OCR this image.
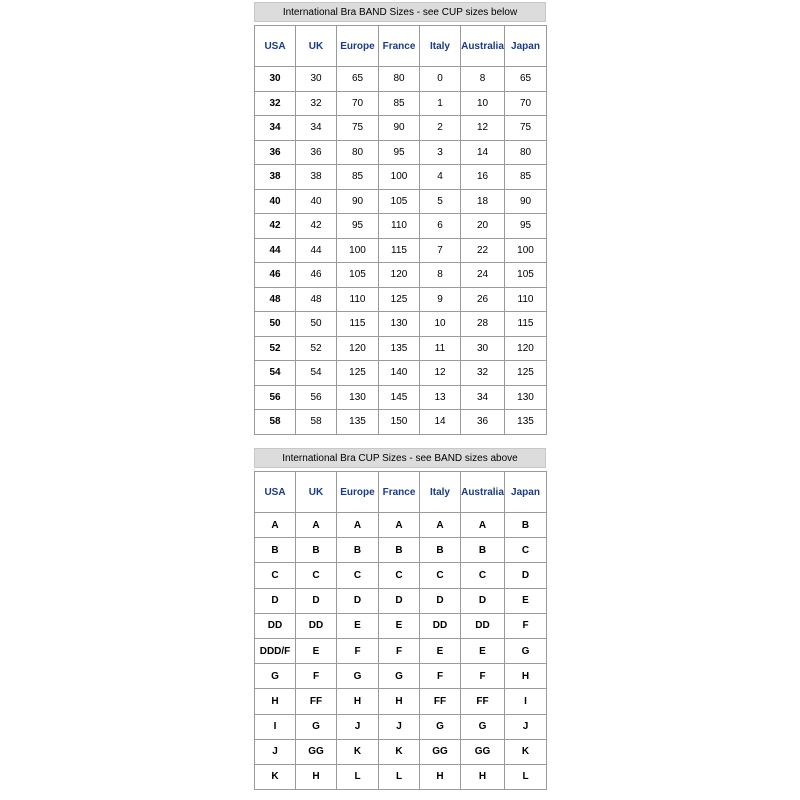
International Bra BAND Sizes - see CUP sizes below
USA	UK	Europe	France	Italy	Australia	Japan
30	30	65	80	0	8	65
32	32	70	85	1	10	70
34	34	75	90	2	12	75
36	36	80	95	3	14	80
38	38	85	100	4	16	85
40	40	90	105	5	18	90
42	42	95	110	6	20	95
44	44	100	115	7	22	100
46	46	105	120	8	24	105
48	48	110	125	9	26	110
50	50	115	130	10	28	115
52	52	120	135	11	30	120
54	54	125	140	12	32	125
56	56	130	145	13	34	130
58	58	135	150	14	36	135
International Bra CUP Sizes - see BAND sizes above
USA	UK	Europe	France	Italy	Australia	Japan
A	A	A	A	A	A	B
B	B	B	B	B	B	C
C	C	C	C	C	C	D
D	D	D	D	D	D	E
DD	DD	E	E	DD	DD	F
DDD/F	E	F	F	E	E	G
G	F	G	G	F	F	H
H	FF	H	H	FF	FF	I
I	G	J	J	G	G	J
J	GG	K	K	GG	GG	K
K	H	L	L	H	H	L
